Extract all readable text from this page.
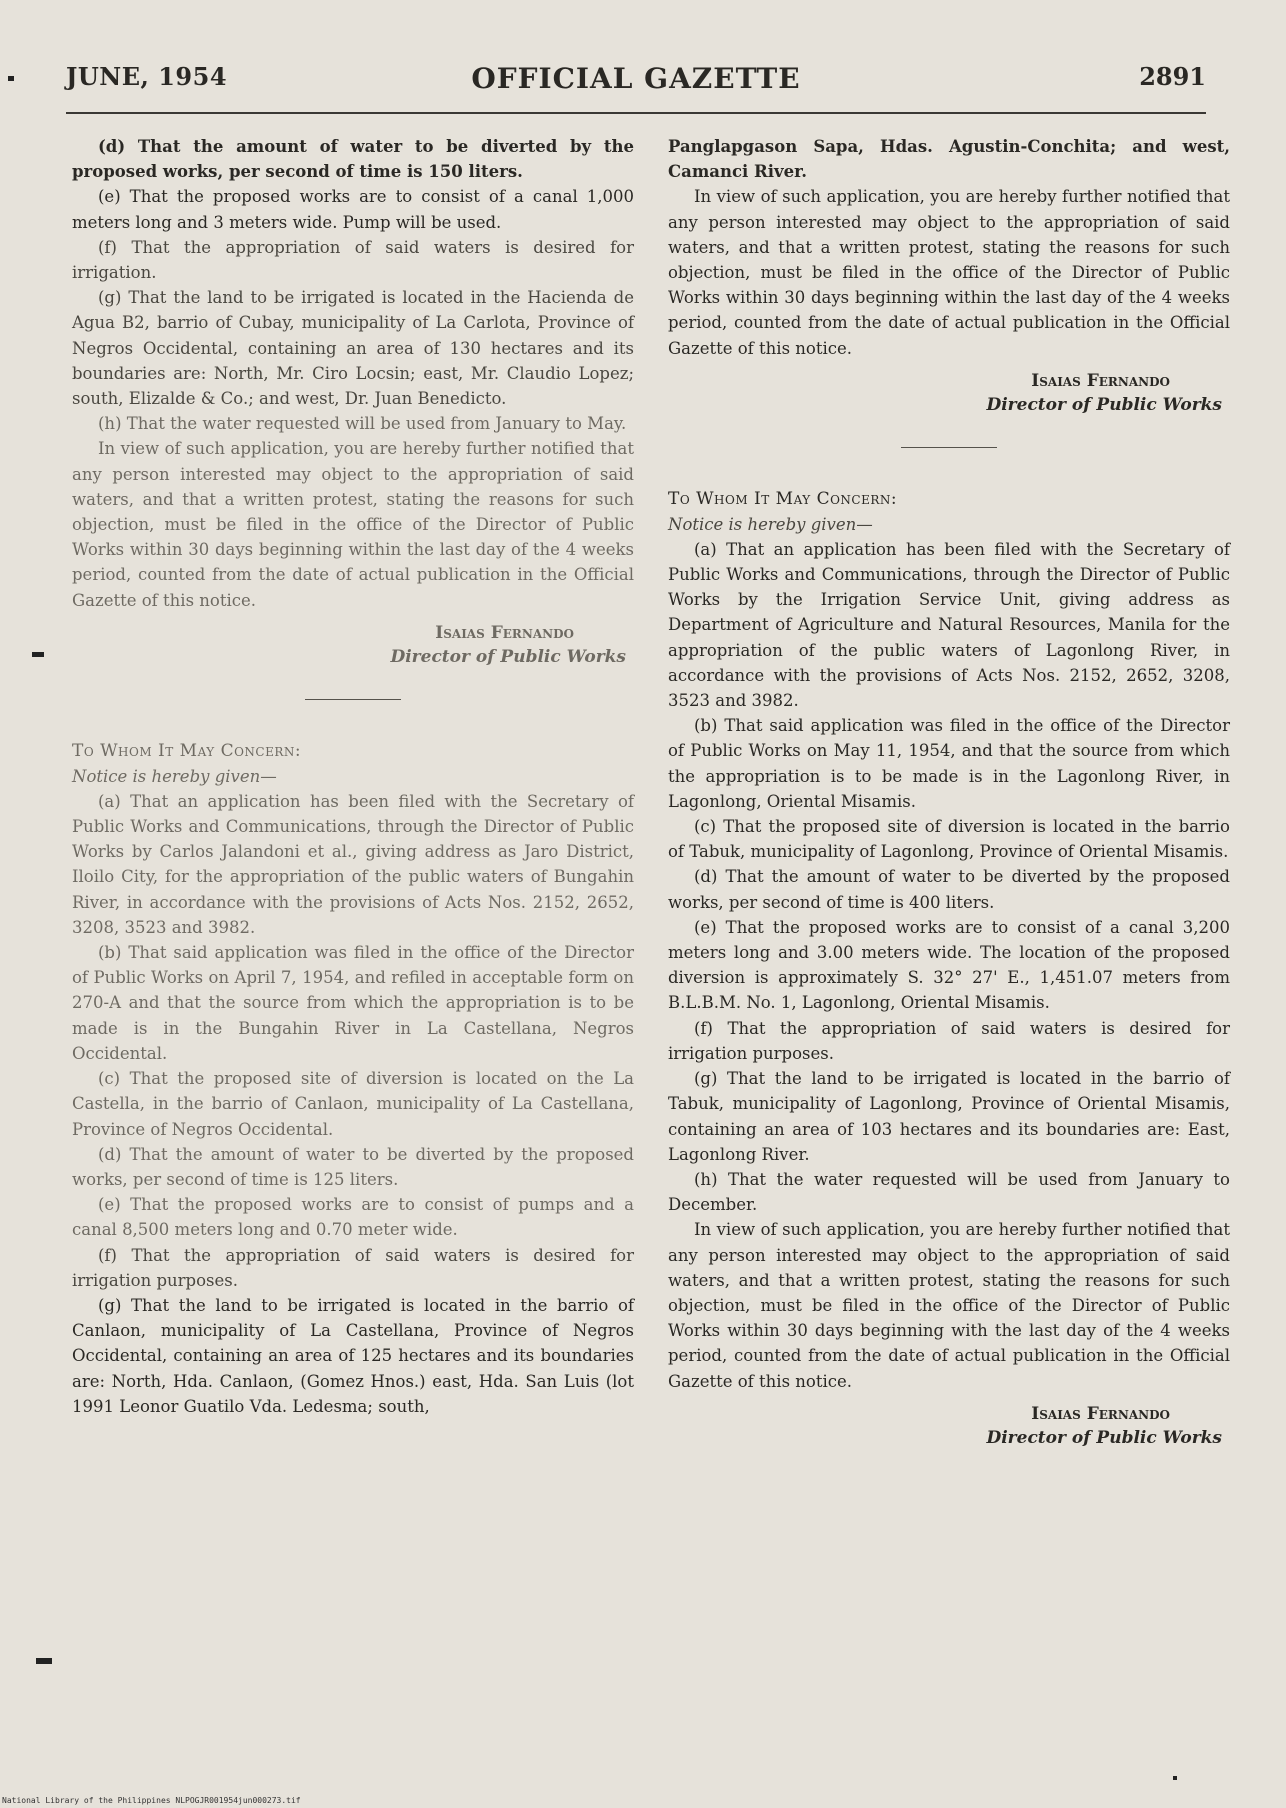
OFFICIAL GAZETTE
JUNE, 1954	2891

(d) That the amount of water to be diverted by the proposed works, per second of time is 150 liters.

(e) That the proposed works are to consist of a canal 1,000 meters long and 3 meters wide. Pump will be used.

(f) That the appropriation of said waters is desired for irrigation.

(g) That the land to be irrigated is located in the Hacienda de Agua B2, barrio of Cubay, municipality of La Carlota, Province of Negros Occidental, containing an area of 130 hectares and its boundaries are: North, Mr. Ciro Locsin; east, Mr. Claudio Lopez; south, Elizalde & Co.; and west, Dr. Juan Benedicto.

(h) That the water requested will be used from January to May.

In view of such application, you are hereby further notified that any person interested may object to the appropriation of said waters, and that a written protest, stating the reasons for such objection, must be filed in the office of the Director of Public Works within 30 days beginning within the last day of the 4 weeks period, counted from the date of actual publication in the Official Gazette of this notice.

Isaias Fernando
Director of Public Works

To Whom It May Concern:

Notice is hereby given—

(a) That an application has been filed with the Secretary of Public Works and Communications, through the Director of Public Works by Carlos Jalandoni et al., giving address as Jaro District, Iloilo City, for the appropriation of the public waters of Bungahin River, in accordance with the provisions of Acts Nos. 2152, 2652, 3208, 3523 and 3982.

(b) That said application was filed in the office of the Director of Public Works on April 7, 1954, and refiled in acceptable form on 270-A and that the source from which the appropriation is to be made is in the Bungahin River in La Castellana, Negros Occidental.

(c) That the proposed site of diversion is located on the La Castella, in the barrio of Canlaon, municipality of La Castellana, Province of Negros Occidental.

(d) That the amount of water to be diverted by the proposed works, per second of time is 125 liters.

(e) That the proposed works are to consist of pumps and a canal 8,500 meters long and 0.70 meter wide.

(f) That the appropriation of said waters is desired for irrigation purposes.

(g) That the land to be irrigated is located in the barrio of Canlaon, municipality of La Castellana, Province of Negros Occidental, containing an area of 125 hectares and its boundaries are: North, Hda. Canlaon, (Gomez Hnos.) east, Hda. San Luis (lot 1991 Leonor Guatilo Vda. Ledesma; south,

Panglapgason Sapa, Hdas. Agustin-Conchita; and west, Camanci River.

In view of such application, you are hereby further notified that any person interested may object to the appropriation of said waters, and that a written protest, stating the reasons for such objection, must be filed in the office of the Director of Public Works within 30 days beginning within the last day of the 4 weeks period, counted from the date of actual publication in the Official Gazette of this notice.

Isaias Fernando
Director of Public Works

To Whom It May Concern:

Notice is hereby given—

(a) That an application has been filed with the Secretary of Public Works and Communications, through the Director of Public Works by the Irrigation Service Unit, giving address as Department of Agriculture and Natural Resources, Manila for the appropriation of the public waters of Lagonlong River, in accordance with the provisions of Acts Nos. 2152, 2652, 3208, 3523 and 3982.

(b) That said application was filed in the office of the Director of Public Works on May 11, 1954, and that the source from which the appropriation is to be made is in the Lagonlong River, in Lagonlong, Oriental Misamis.

(c) That the proposed site of diversion is located in the barrio of Tabuk, municipality of Lagonlong, Province of Oriental Misamis.

(d) That the amount of water to be diverted by the proposed works, per second of time is 400 liters.

(e) That the proposed works are to consist of a canal 3,200 meters long and 3.00 meters wide. The location of the proposed diversion is approximately S. 32° 27' E., 1,451.07 meters from B.L.B.M. No. 1, Lagonlong, Oriental Misamis.

(f) That the appropriation of said waters is desired for irrigation purposes.

(g) That the land to be irrigated is located in the barrio of Tabuk, municipality of Lagonlong, Province of Oriental Misamis, containing an area of 103 hectares and its boundaries are: East, Lagonlong River.

(h) That the water requested will be used from January to December.

In view of such application, you are hereby further notified that any person interested may object to the appropriation of said waters, and that a written protest, stating the reasons for such objection, must be filed in the office of the Director of Public Works within 30 days beginning with the last day of the 4 weeks period, counted from the date of actual publication in the Official Gazette of this notice.

Isaias Fernando
Director of Public Works
National Library of the Philippines NLPOGJR001954jun000273.tif
